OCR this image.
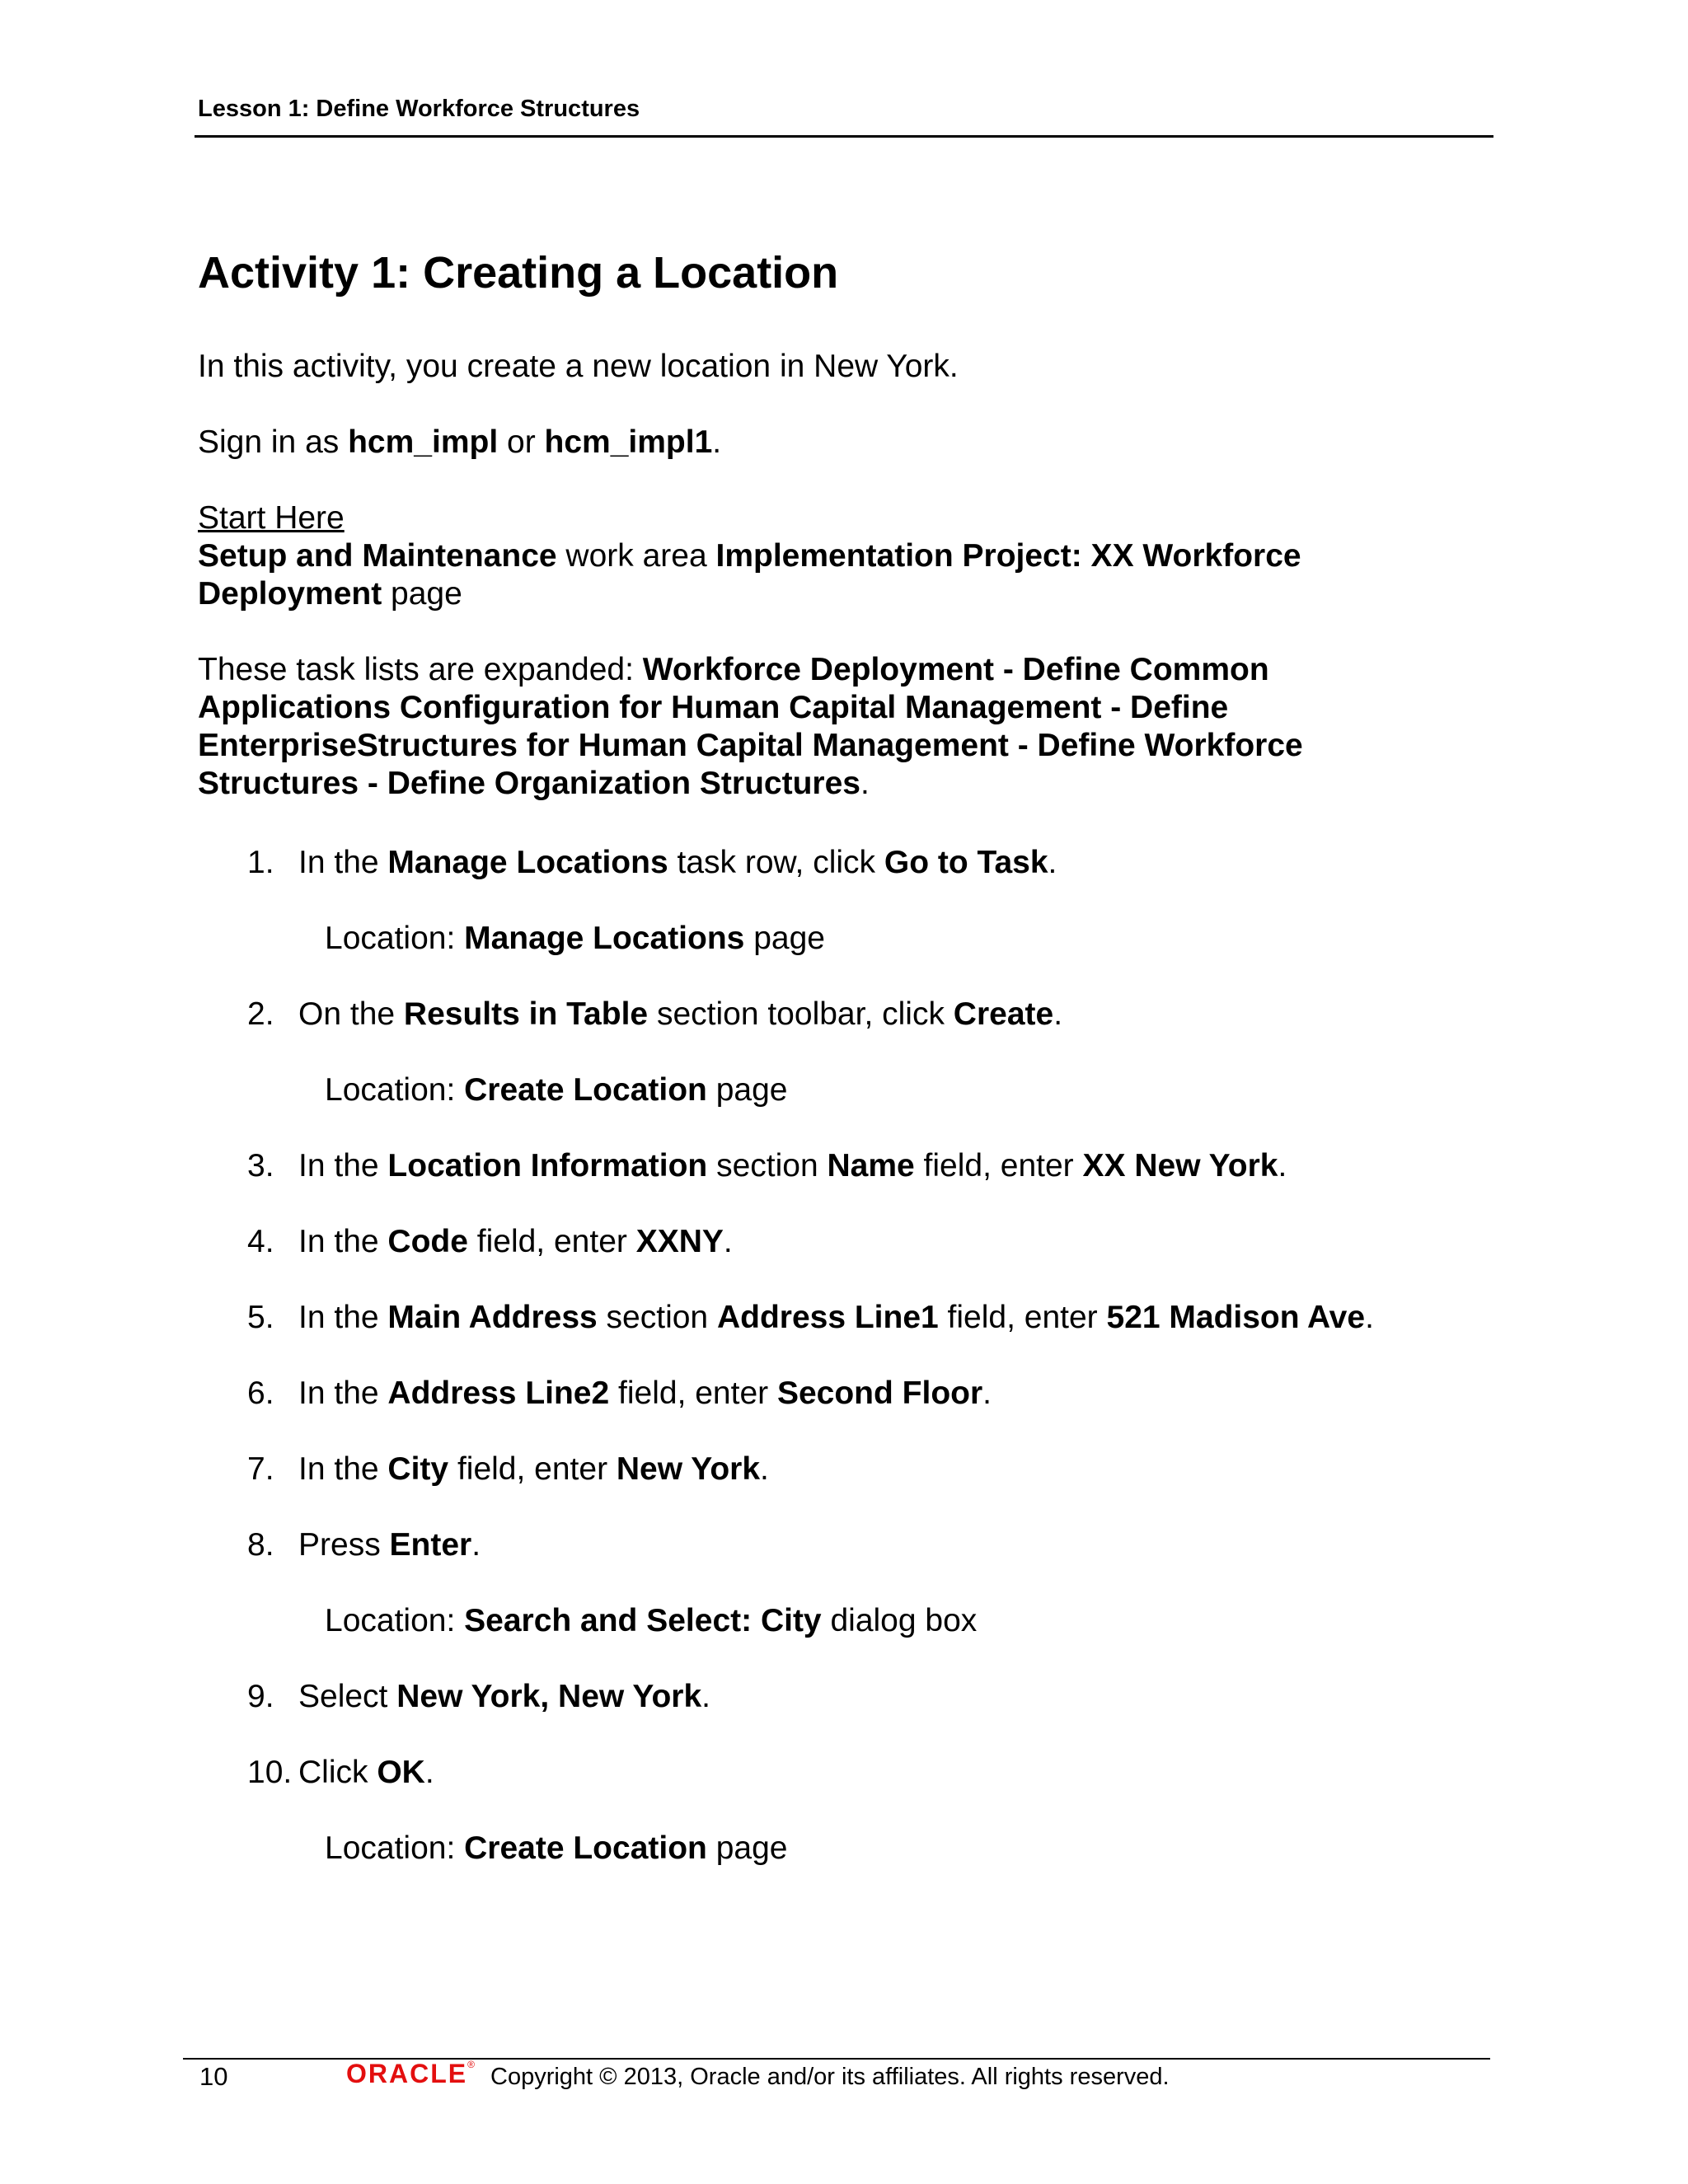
Lesson 1: Define Workforce Structures
Activity 1: Creating a Location

In this activity, you create a new location in New York.

Sign in as hcm_impl or hcm_impl1.

Start Here
Setup and Maintenance work area Implementation Project: XX Workforce Deployment page

These task lists are expanded: Workforce Deployment - Define Common Applications Configuration for Human Capital Management - Define EnterpriseStructures for Human Capital Management - Define Workforce Structures - Define Organization Structures.

1. In the Manage Locations task row, click Go to Task.
Location: Manage Locations page
2. On the Results in Table section toolbar, click Create.
Location: Create Location page
3. In the Location Information section Name field, enter XX New York.
4. In the Code field, enter XXNY.
5. In the Main Address section Address Line1 field, enter 521 Madison Ave.
6. In the Address Line2 field, enter Second Floor.
7. In the City field, enter New York.
8. Press Enter.
Location: Search and Select: City dialog box
9. Select New York, New York.
10. Click OK.
Location: Create Location page
10	ORACLE® Copyright © 2013, Oracle and/or its affiliates. All rights reserved.
